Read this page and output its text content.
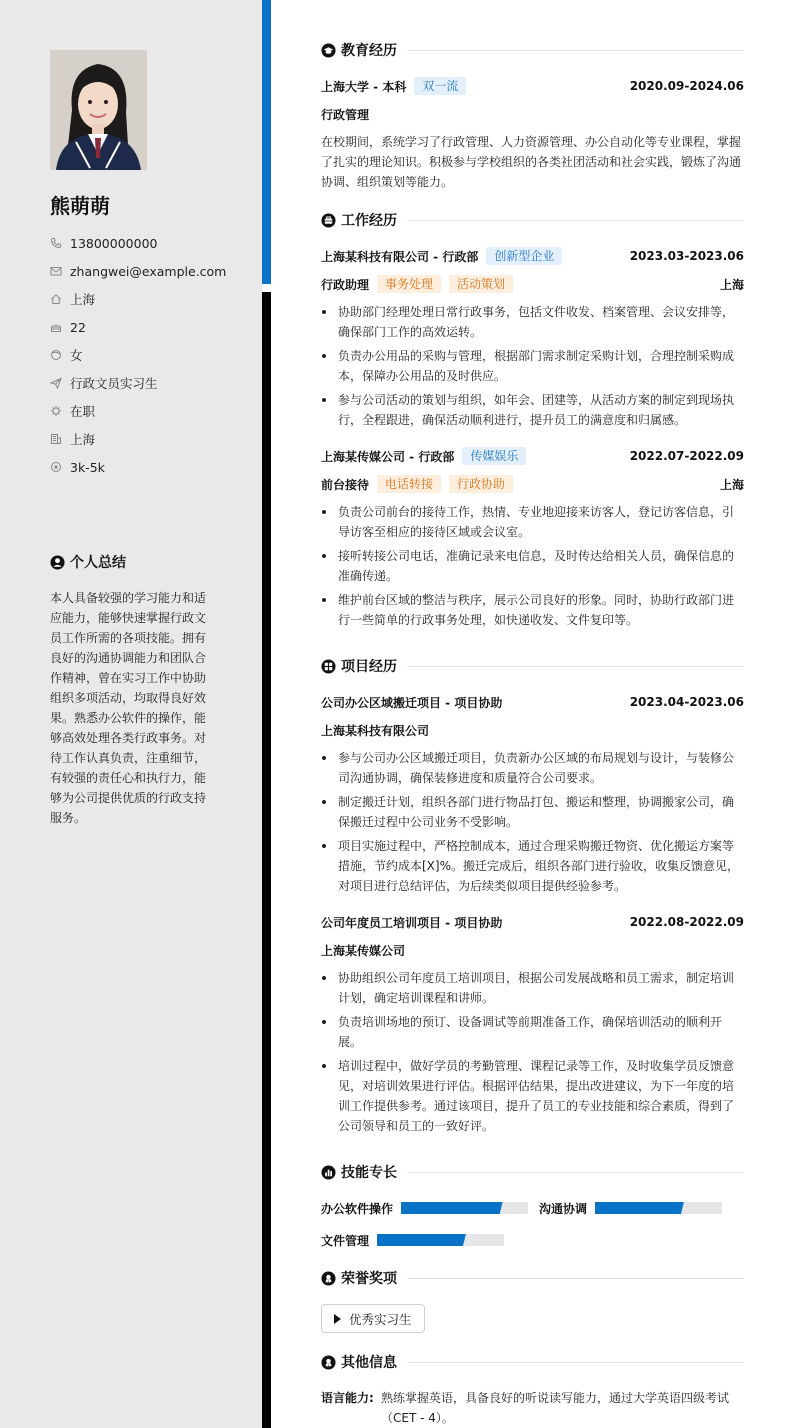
熊萌萌
13800000000
zhangwei@example.com
上海
22
女
行政文员实习生
在职
上海
3k-5k
个人总结
本人具备较强的学习能力和适应能力，能够快速掌握行政文员工作所需的各项技能。拥有良好的沟通协调能力和团队合作精神，曾在实习工作中协助组织多项活动，均取得良好效果。熟悉办公软件的操作，能够高效处理各类行政事务。对待工作认真负责，注重细节，有较强的责任心和执行力，能够为公司提供优质的行政支持服务。
教育经历
上海大学 - 本科	双一流	2020.09-2024.06
行政管理
在校期间，系统学习了行政管理、人力资源管理、办公自动化等专业课程，掌握了扎实的理论知识。积极参与学校组织的各类社团活动和社会实践，锻炼了沟通协调、组织策划等能力。
工作经历
上海某科技有限公司 - 行政部	创新型企业	2023.03-2023.06
行政助理	事务处理	活动策划	上海
协助部门经理处理日常行政事务，包括文件收发、档案管理、会议安排等，确保部门工作的高效运转。
负责办公用品的采购与管理，根据部门需求制定采购计划，合理控制采购成本，保障办公用品的及时供应。
参与公司活动的策划与组织，如年会、团建等，从活动方案的制定到现场执行，全程跟进，确保活动顺利进行，提升员工的满意度和归属感。
上海某传媒公司 - 行政部	传媒娱乐	2022.07-2022.09
前台接待	电话转接	行政协助	上海
负责公司前台的接待工作，热情、专业地迎接来访客人，登记访客信息，引导访客至相应的接待区域或会议室。
接听转接公司电话，准确记录来电信息，及时传达给相关人员，确保信息的准确传递。
维护前台区域的整洁与秩序，展示公司良好的形象。同时，协助行政部门进行一些简单的行政事务处理，如快递收发、文件复印等。
项目经历
公司办公区域搬迁项目 - 项目协助	2023.04-2023.06
上海某科技有限公司
参与公司办公区域搬迁项目，负责新办公区域的布局规划与设计，与装修公司沟通协调，确保装修进度和质量符合公司要求。
制定搬迁计划，组织各部门进行物品打包、搬运和整理，协调搬家公司，确保搬迁过程中公司业务不受影响。
项目实施过程中，严格控制成本，通过合理采购搬迁物资、优化搬运方案等措施，节约成本[X]%。搬迁完成后，组织各部门进行验收，收集反馈意见，对项目进行总结评估，为后续类似项目提供经验参考。
公司年度员工培训项目 - 项目协助	2022.08-2022.09
上海某传媒公司
协助组织公司年度员工培训项目，根据公司发展战略和员工需求，制定培训计划，确定培训课程和讲师。
负责培训场地的预订、设备调试等前期准备工作，确保培训活动的顺利开展。
培训过程中，做好学员的考勤管理、课程记录等工作，及时收集学员反馈意见，对培训效果进行评估。根据评估结果，提出改进建议，为下一年度的培训工作提供参考。通过该项目，提升了员工的专业技能和综合素质，得到了公司领导和员工的一致好评。
技能专长
办公软件操作	沟通协调
文件管理
荣誉奖项
优秀实习生
其他信息
语言能力: 熟练掌握英语，具备良好的听说读写能力，通过大学英语四级考试（CET - 4）。
